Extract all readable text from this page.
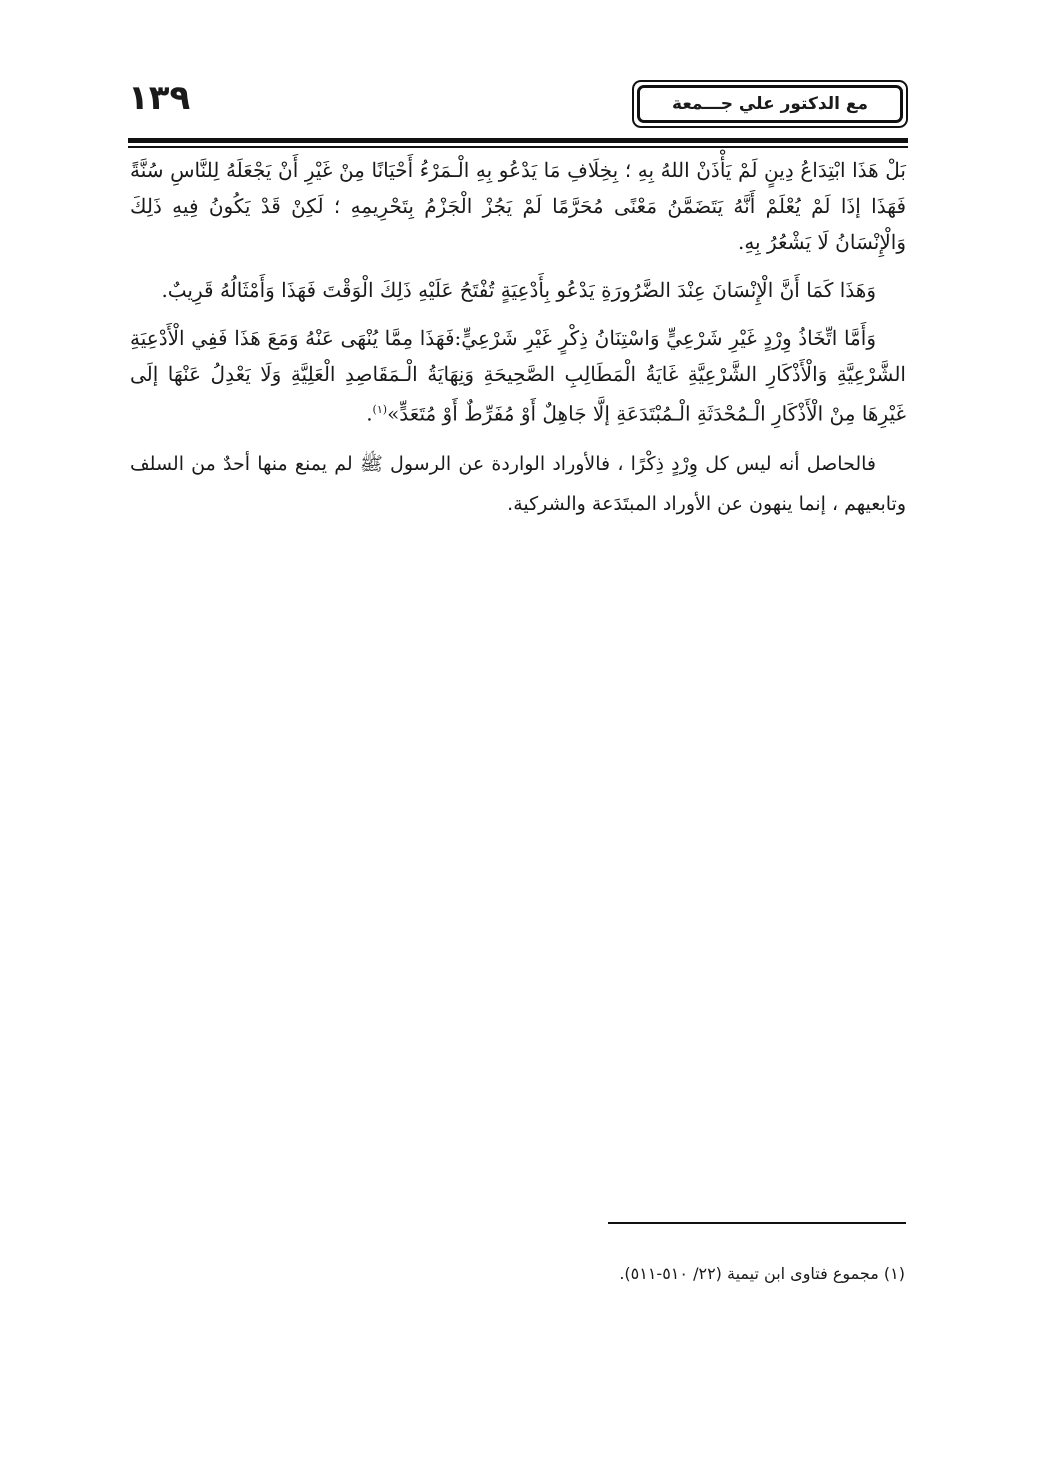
١٣٩	مع الدكتور علي جـــمعة

بَلْ هَذَا ابْتِدَاعُ دِينٍ لَمْ يَأْذَنْ اللهُ بِهِ ؛ بِخِلَافِ مَا يَدْعُو بِهِ الْـمَرْءُ أَحْيَانًا مِنْ غَيْرِ أَنْ يَجْعَلَهُ لِلنَّاسِ سُنَّةً فَهَذَا إذَا لَمْ يُعْلَمْ أَنَّهُ يَتَضَمَّنُ مَعْنًى مُحَرَّمًا لَمْ يَجُزْ الْجَزْمُ بِتَحْرِيمِهِ ؛ لَكِنْ قَدْ يَكُونُ فِيهِ ذَلِكَ وَالْإِنْسَانُ لَا يَشْعُرُ بِهِ.

وَهَذَا كَمَا أَنَّ الْإِنْسَانَ عِنْدَ الضَّرُورَةِ يَدْعُو بِأَدْعِيَةٍ تُفْتَحُ عَلَيْهِ ذَلِكَ الْوَقْتَ فَهَذَا وَأَمْثَالُهُ قَرِيبٌ.

وَأَمَّا اتِّخَاذُ وِرْدٍ غَيْرِ شَرْعِيٍّ وَاسْتِنَانُ ذِكْرٍ غَيْرِ شَرْعِيٍّ:فَهَذَا مِمَّا يُنْهَى عَنْهُ وَمَعَ هَذَا فَفِي الْأَدْعِيَةِ الشَّرْعِيَّةِ وَالْأَذْكَارِ الشَّرْعِيَّةِ غَايَةُ الْمَطَالِبِ الصَّحِيحَةِ وَنِهَايَةُ الْـمَقَاصِدِ الْعَلِيَّةِ وَلَا يَعْدِلُ عَنْهَا إلَى غَيْرِهَا مِنْ الْأَذْكَارِ الْـمُحْدَثَةِ الْـمُبْتَدَعَةِ إلَّا جَاهِلٌ أَوْ مُفَرِّطٌ أَوْ مُتَعَدٍّ»$^{(١)}$.

فالحاصل أنه ليس كل وِرْدٍ ذِكْرًا ، فالأوراد الواردة عن الرسول ﷺ لم يمنع منها أحدٌ من السلف وتابعيهم ، إنما ينهون عن الأوراد المبتَدَعة والشركية.

(١) مجموع فتاوى ابن تيمية (٢٢/ ٥١٠-٥١١).
